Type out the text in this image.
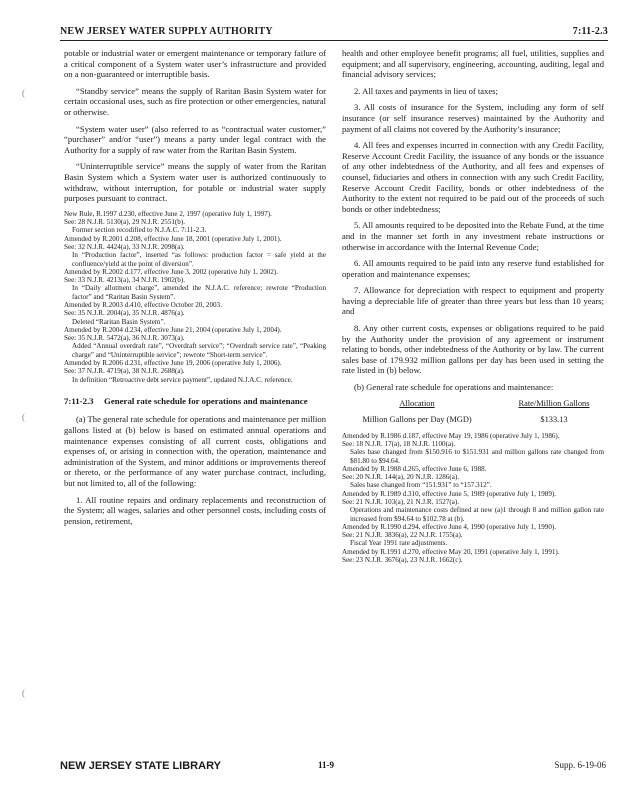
NEW JERSEY WATER SUPPLY AUTHORITY	7:11-2.3
(
(
(

potable or industrial water or emergent maintenance or temporary failure of a critical component of a System water user’s infrastructure and provided on a non-guaranteed or interruptible basis.

“Standby service” means the supply of Raritan Basin System water for certain occasional uses, such as fire protection or other emergencies, natural or otherwise.

“System water user” (also referred to as “contractual water customer,” “purchaser” and/or “user”) means a party under legal contract with the Authority for a supply of raw water from the Raritan Basin System.

“Uninterruptible service” means the supply of water from the Raritan Basin System which a System water user is authorized continuously to withdraw, without interruption, for potable or industrial water supply purposes pursuant to contract.

New Rule, R.1997 d.230, effective June 2, 1997 (operative July 1, 1997).

See: 28 N.J.R. 5130(a), 29 N.J.R. 2551(b).

Former section recodified to N.J.A.C. 7:11-2.3.

Amended by R.2001 d.208, effective June 18, 2001 (operative July 1, 2001).

See: 32 N.J.R. 4424(a), 33 N.J.R. 2098(a).

In “Production factor”, inserted “as follows: production factor = safe yield at the confluence/yield at the point of diversion”.

Amended by R.2002 d.177, effective June 3, 2002 (operative July 1, 2002).

See: 33 N.J.R. 4213(a), 34 N.J.R. 1902(b).

In “Daily allotment charge”, amended the N.J.A.C. reference; rewrote “Production factor” and “Raritan Basin System”.

Amended by R.2003 d.410, effective October 20, 2003.

See: 35 N.J.R. 2004(a), 35 N.J.R. 4876(a).

Deleted “Raritan Basin System”.

Amended by R.2004 d.234, effective June 21, 2004 (operative July 1, 2004).

See: 35 N.J.R. 5472(a), 36 N.J.R. 3073(a).

Added “Annual overdraft rate”, “Overdraft service”; “Overdraft service rate”, “Peaking charge” and “Uninterruptible service”; rewrote “Short-term service”.

Amended by R.2006 d.231, effective June 19, 2006 (operative July 1, 2006).

See: 37 N.J.R. 4719(a), 38 N.J.R. 2688(a).

In definition “Retroactive debt service payment”, updated N.J.A.C. reference.

7:11-2.3	General rate schedule for operations and maintenance

(a) The general rate schedule for operations and maintenance per million gallons listed at (b) below is based on estimated annual operations and maintenance expenses consisting of all current costs, obligations and expenses of, or arising in connection with, the operation, maintenance and administration of the System, and minor additions or improvements thereof or thereto, or the performance of any water purchase contract, including, but not limited to, all of the following:

1. All routine repairs and ordinary replacements and reconstruction of the System; all wages, salaries and other personnel costs, including costs of pension, retirement,

health and other employee benefit programs; all fuel, utilities, supplies and equipment; and all supervisory, engineering, accounting, auditing, legal and financial advisory services;

2. All taxes and payments in lieu of taxes;

3. All costs of insurance for the System, including any form of self insurance (or self insurance reserves) maintained by the Authority and payment of all claims not covered by the Authority’s insurance;

4. All fees and expenses incurred in connection with any Credit Facility, Reserve Account Credit Facility, the issuance of any bonds or the issuance of any other indebtedness of the Authority, and all fees and expenses of counsel, fiduciaries and others in connection with any such Credit Facility, Reserve Account Credit Facility, bonds or other indebtedness of the Authority to the extent not required to be paid out of the proceeds of such bonds or other indebtedness;

5. All amounts required to be deposited into the Rebate Fund, at the time and in the manner set forth in any investment rebate instructions or otherwise in accordance with the Internal Revenue Code;

6. All amounts required to be paid into any reserve fund established for operation and maintenance expenses;

7. Allowance for depreciation with respect to equipment and property having a depreciable life of greater than three years but less than 10 years; and

8. Any other current costs, expenses or obligations required to be paid by the Authority under the provision of any agreement or instrument relating to bonds, other indebtedness of the Authority or by law. The current sales base of 179.932 million gallons per day has been used in setting the rate listed in (b) below.

(b) General rate schedule for operations and maintenance:

Allocation	Rate/Million Gallons
Million Gallons per Day (MGD)	$133.13

Amended by R.1986 d.187, effective May 19, 1986 (operative July 1, 1986).

See: 18 N.J.R. 17(a), 18 N.J.R. 1100(a).

Sales base changed from $150.916 to $151.931 and million gallons rate changed from $81.80 to $94.64.

Amended by R.1988 d.265, effective June 6, 1988.

See: 20 N.J.R. 144(a), 20 N.J.R. 1286(a).

Sales base changed from “151.931” to “157.312”.

Amended by R.1989 d.310, effective June 5, 1989 (operative July 1, 1989).

See: 21 N.J.R. 103(a), 21 N.J.R. 1527(a).

Operations and maintenance costs defined at new (a)1 through 8 and million gallon rate increased from $94.64 to $102.78 at (b).

Amended by R.1990 d.294, effective June 4, 1990 (operative July 1, 1990).

See: 21 N.J.R. 3836(a), 22 N.J.R. 1755(a).

Fiscal Year 1991 rate adjustments.

Amended by R.1991 d.270, effective May 20, 1991 (operative July 1, 1991).

See: 23 N.J.R. 3676(a), 23 N.J.R. 1662(c).

NEW JERSEY STATE LIBRARY	11-9	Supp. 6-19-06
